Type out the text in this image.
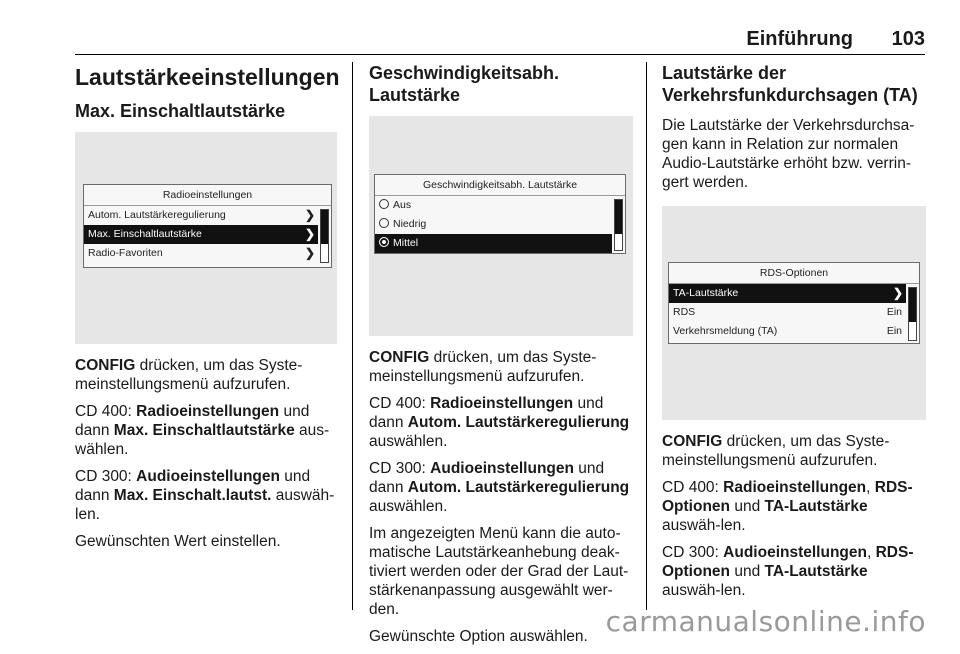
Einführung 103
Lautstärkeeinstellungen
Max. Einschaltlautstärke
Radioeinstellungen
Autom. Lautstärkeregulierung	❯
Max. Einschaltlautstärke	❯
Radio-Favoriten	❯

CONFIG drücken, um das Syste-meinstellungsmenü aufzurufen.

CD 400: Radioeinstellungen und dann Max. Einschaltlautstärke aus-wählen.

CD 300: Audioeinstellungen und dann Max. Einschalt.lautst. auswäh-len.

Gewünschten Wert einstellen.

Geschwindigkeitsabh. Lautstärke
Geschwindigkeitsabh. Lautstärke
Aus
Niedrig
Mittel

CONFIG drücken, um das Syste-meinstellungsmenü aufzurufen.

CD 400: Radioeinstellungen und dann Autom. Lautstärkeregulierung auswählen.

CD 300: Audioeinstellungen und dann Autom. Lautstärkeregulierung auswählen.

Im angezeigten Menü kann die auto-matische Lautstärkeanhebung deak-tiviert werden oder der Grad der Laut-stärkenanpassung ausgewählt wer-den.

Gewünschte Option auswählen.

Lautstärke der Verkehrsfunkdurchsagen (TA)

Die Lautstärke der Verkehrsdurchsa-gen kann in Relation zur normalen Audio-Lautstärke erhöht bzw. verrin-gert werden.

RDS-Optionen
TA-Lautstärke	❯
RDS	Ein
Verkehrsmeldung (TA)	Ein

CONFIG drücken, um das Syste-meinstellungsmenü aufzurufen.

CD 400: Radioeinstellungen, RDS-Optionen und TA-Lautstärke auswäh-len.

CD 300: Audioeinstellungen, RDS-Optionen und TA-Lautstärke auswäh-len.

carmanualsonline.info
